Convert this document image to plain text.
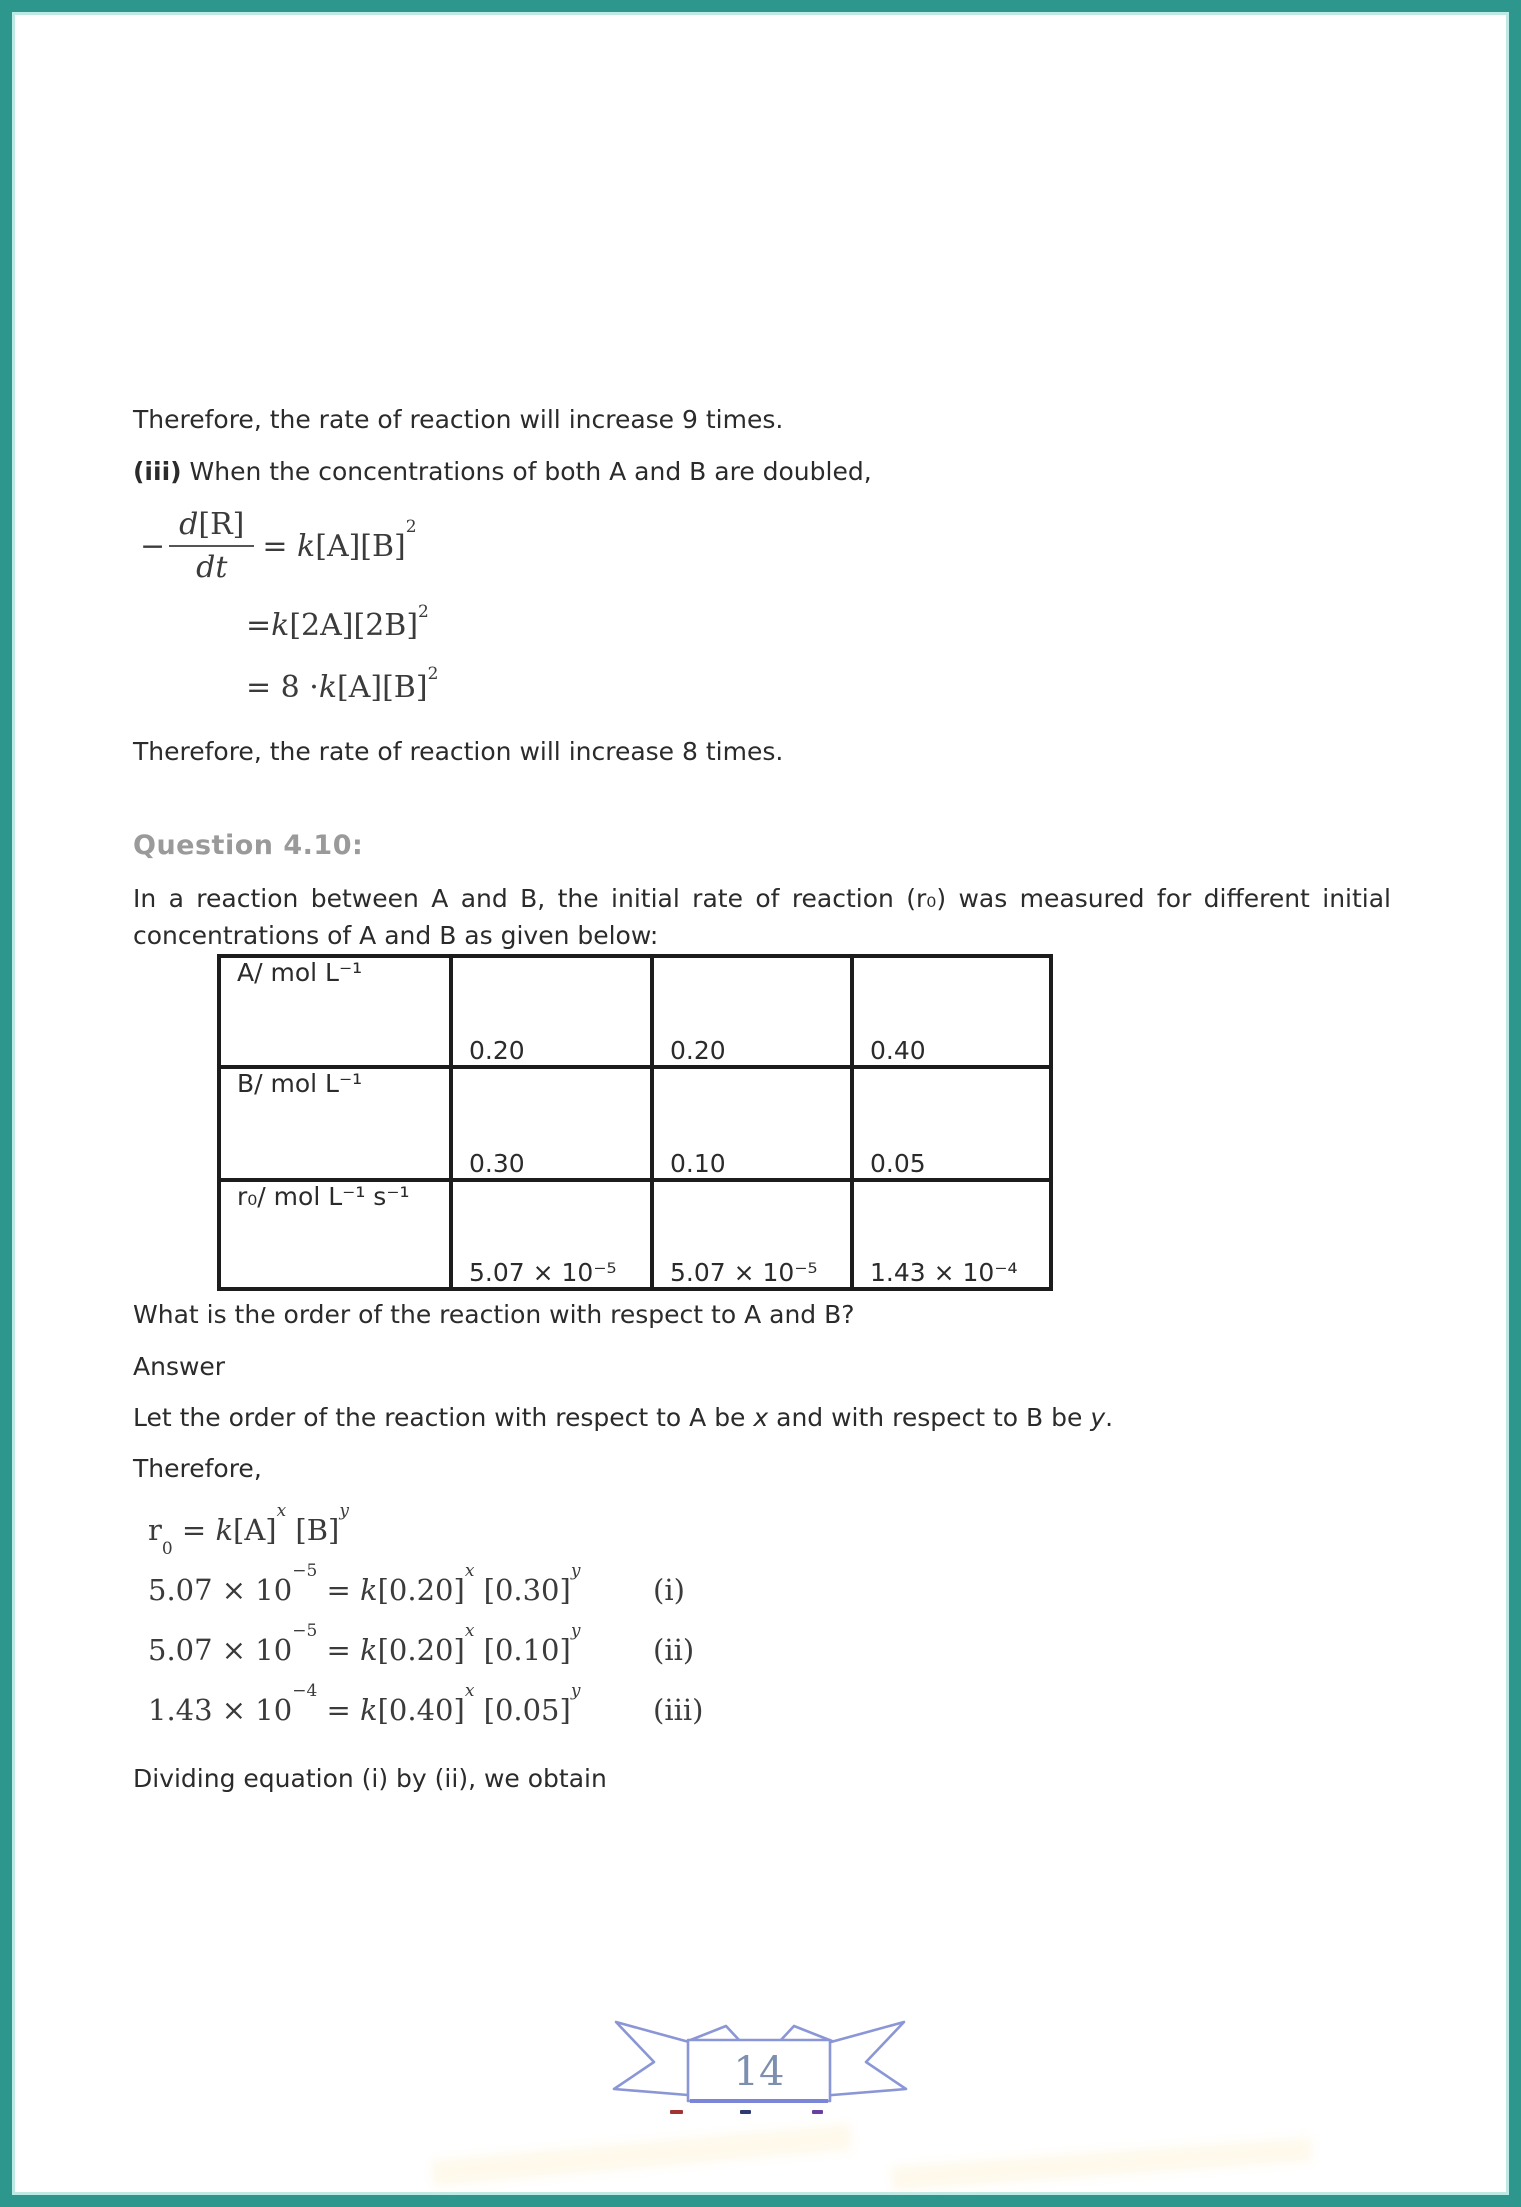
Therefore, the rate of reaction will increase 9 times.
(iii) When the concentrations of both A and B are doubled,
− $\frac{d[R]}{dt} = k[A][B]^2$
= k $[2A][2B]^2$
= 8 · k $[A][B]^2$
Therefore, the rate of reaction will increase 8 times.
Question 4.10:
In a reaction between A and B, the initial rate of reaction (r₀) was measured for different initial concentrations of A and B as given below:
A/ mol L⁻¹	0.20	0.20	0.40
B/ mol L⁻¹	0.30	0.10	0.05
r₀/ mol L⁻¹ s⁻¹	5.07 × 10⁻⁵	5.07 × 10⁻⁵	1.43 × 10⁻⁴
What is the order of the reaction with respect to A and B?
Answer
Let the order of the reaction with respect to A be x and with respect to B be y.
Therefore,
$r_0 = k[A]^x$ $[B]^y$
$5.07 \times 10^{-5} = k[0.20]^x$ $[0.30]^y$
(i)
$5.07 \times 10^{-5} = k[0.20]^x$ $[0.10]^y$
(ii)
$1.43 \times 10^{-4} = k[0.40]^x$ $[0.05]^y$
(iii)
Dividing equation (i) by (ii), we obtain
14
